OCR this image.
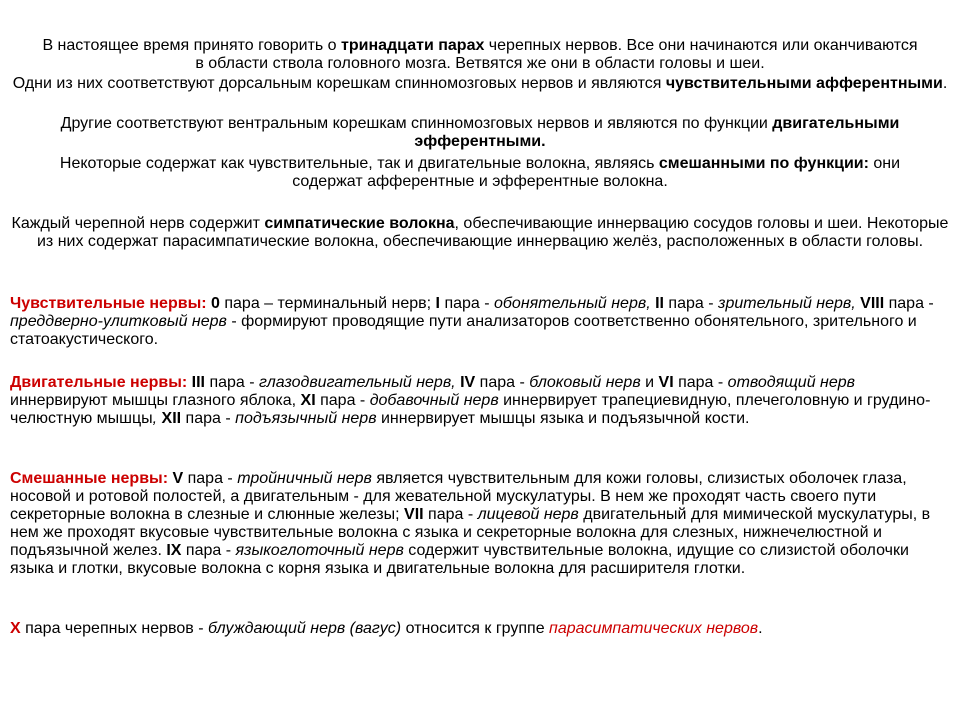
В настоящее время принято говорить о тринадцати парах черепных нервов. Все они начинаются или оканчиваются в области ствола головного мозга. Ветвятся же они в области головы и шеи.

Одни из них соответствуют дорсальным корешкам спинномозговых нервов и являются чувствительными афферентными.

Другие соответствуют вентральным корешкам спинномозговых нервов и являются по функции двигательными эфферентными.

Некоторые содержат как чувствительные, так и двигательные волокна, являясь смешанными по функции: они содержат афферентные и эфферентные волокна.

Каждый черепной нерв содержит симпатические волокна, обеспечивающие иннервацию сосудов головы и шеи. Некоторые из них содержат парасимпатические волокна, обеспечивающие иннервацию желёз, расположенных в области головы.

Чувствительные нервы: 0 пара – терминальный нерв; I пара - обонятельный нерв, II пара - зрительный нерв, VIII пара - преддверно-улитковый нерв - формируют проводящие пути анализаторов соответственно обонятельного, зрительного и статоакустического.

Двигательные нервы: III пара - глазодвигательный нерв, IV пара - блоковый нерв и VI пара - отводящий нерв иннервируют мышцы глазного яблока, XI пара - добавочный нерв иннервирует трапециевидную, плечеголовную и грудино-челюстную мышцы, XII пара - подъязычный нерв иннервирует мышцы языка и подъязычной кости.

Смешанные нервы: V пара - тройничный нерв является чувствительным для кожи головы, слизистых оболочек глаза, носовой и ротовой полостей, а двигательным - для жевательной мускулатуры. В нем же проходят часть своего пути секреторные волокна в слезные и слюнные железы; VII пара - лицевой нерв двигательный для мимической мускулатуры, в нем же проходят вкусовые чувствительные волокна с языка и секреторные волокна для слезных, нижнечелюстной и подъязычной желез. IX пара - языкоглоточный нерв содержит чувствительные волокна, идущие со слизистой оболочки языка и глотки, вкусовые волокна с корня языка и двигательные волокна для расширителя глотки.

X пара черепных нервов - блуждающий нерв (вагус) относится к группе парасимпатических нервов.
